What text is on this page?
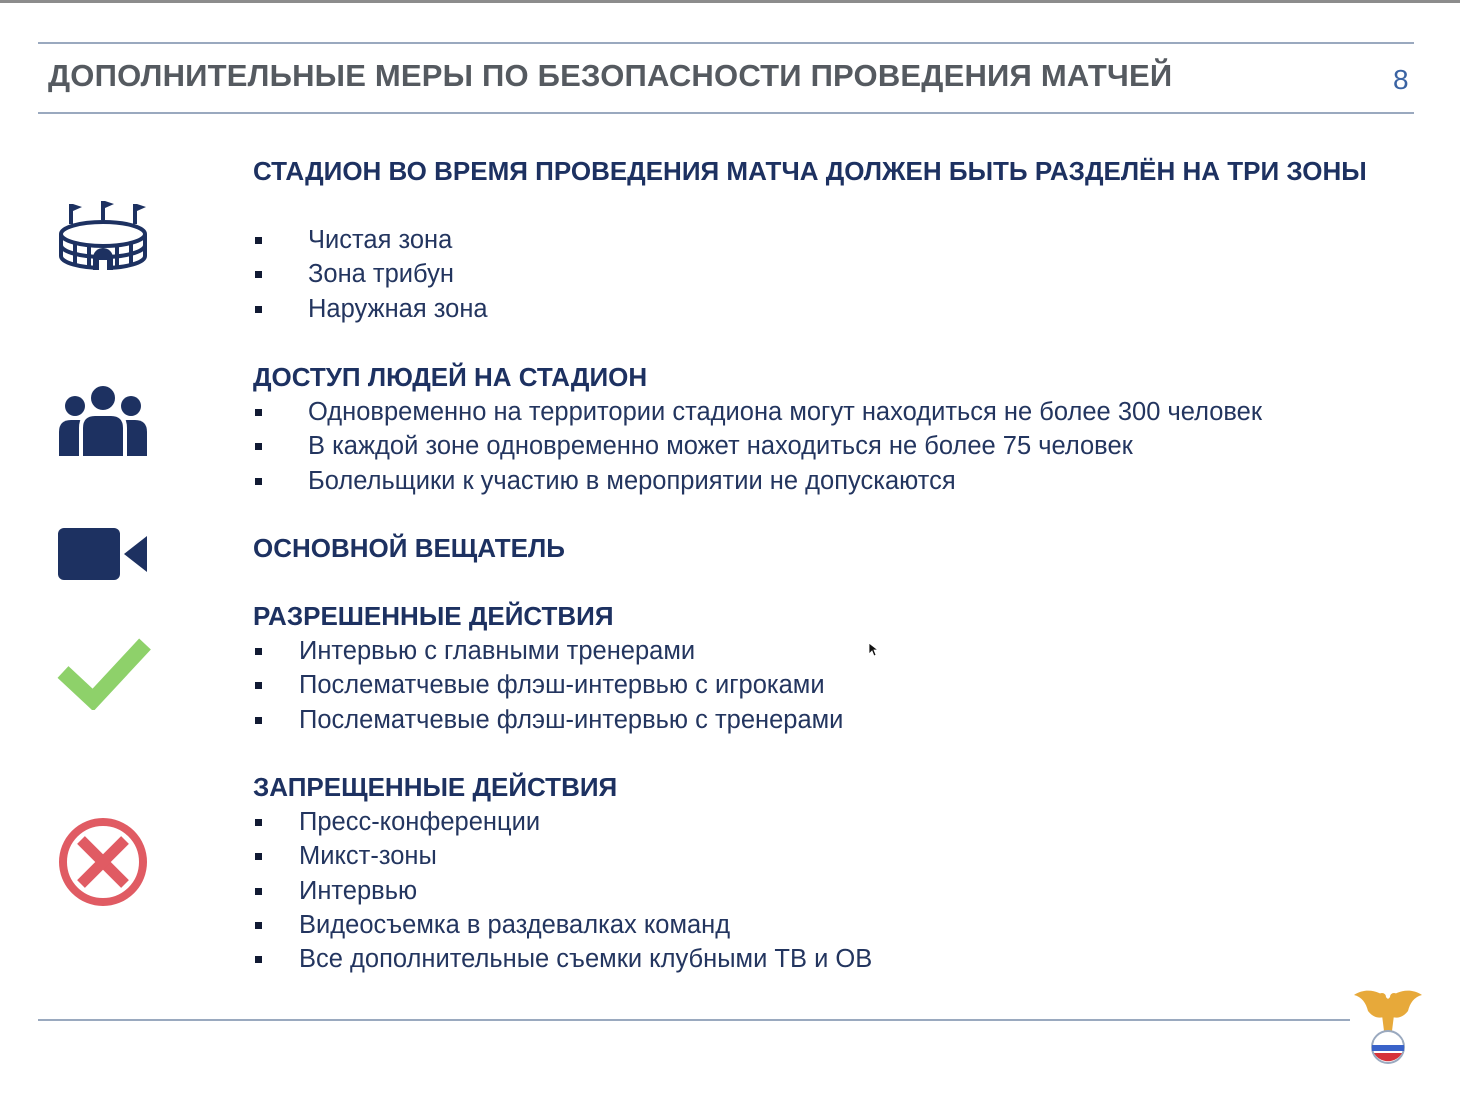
ДОПОЛНИТЕЛЬНЫЕ МЕРЫ ПО БЕЗОПАСНОСТИ ПРОВЕДЕНИЯ МАТЧЕЙ	8
СТАДИОН ВО ВРЕМЯ ПРОВЕДЕНИЯ МАТЧА ДОЛЖЕН БЫТЬ РАЗДЕЛЁН НА ТРИ ЗОНЫ
Чистая зона
Зона трибун
Наружная зона
ДОСТУП ЛЮДЕЙ НА СТАДИОН
Одновременно на территории стадиона могут находиться не более 300 человек
В каждой зоне одновременно может находиться не более 75 человек
Болельщики к участию в мероприятии не допускаются
ОСНОВНОЙ ВЕЩАТЕЛЬ
РАЗРЕШЕННЫЕ ДЕЙСТВИЯ
Интервью с главными тренерами
Послематчевые флэш-интервью с игроками
Послематчевые флэш-интервью с тренерами
ЗАПРЕЩЕННЫЕ ДЕЙСТВИЯ
Пресс-конференции
Микст-зоны
Интервью
Видеосъемка в раздевалках команд
Все дополнительные съемки клубными ТВ и ОВ
